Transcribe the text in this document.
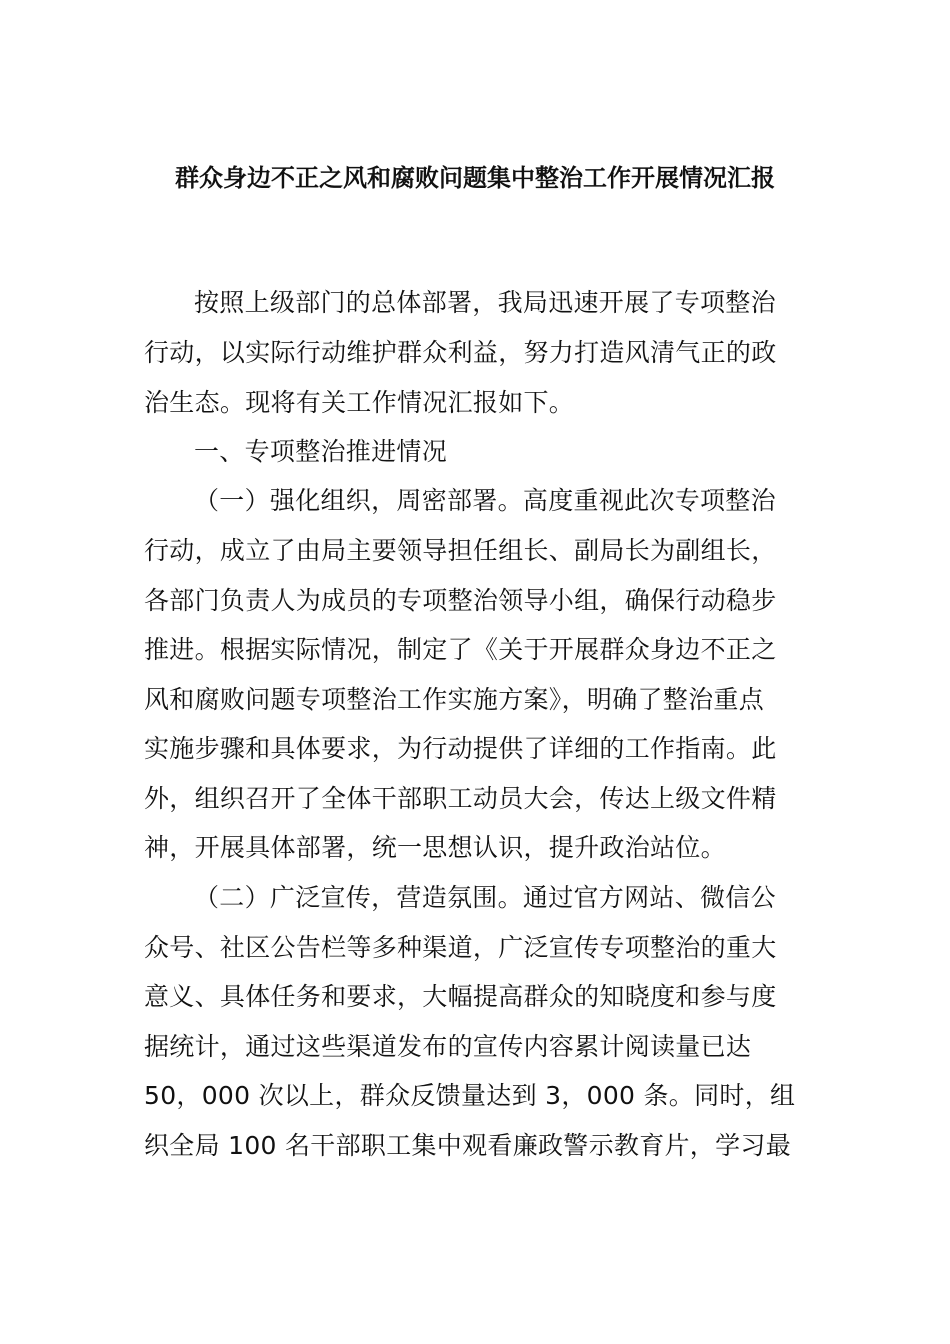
群众身边不正之风和腐败问题集中整治工作开展情况汇报
按照上级部门的总体部署，我局迅速开展了专项整治
行动，以实际行动维护群众利益，努力打造风清气正的政
治生态。现将有关工作情况汇报如下。
一、专项整治推进情况
（一）强化组织，周密部署。高度重视此次专项整治
行动，成立了由局主要领导担任组长、副局长为副组长，
各部门负责人为成员的专项整治领导小组，确保行动稳步
推进。根据实际情况，制定了《关于开展群众身边不正之
风和腐败问题专项整治工作实施方案》，明确了整治重点
实施步骤和具体要求，为行动提供了详细的工作指南。此
外，组织召开了全体干部职工动员大会，传达上级文件精
神，开展具体部署，统一思想认识，提升政治站位。
（二）广泛宣传，营造氛围。通过官方网站、微信公
众号、社区公告栏等多种渠道，广泛宣传专项整治的重大
意义、具体任务和要求，大幅提高群众的知晓度和参与度
据统计，通过这些渠道发布的宣传内容累计阅读量已达
50，000 次以上，群众反馈量达到 3，000 条。同时，组
织全局 100 名干部职工集中观看廉政警示教育片，学习最
